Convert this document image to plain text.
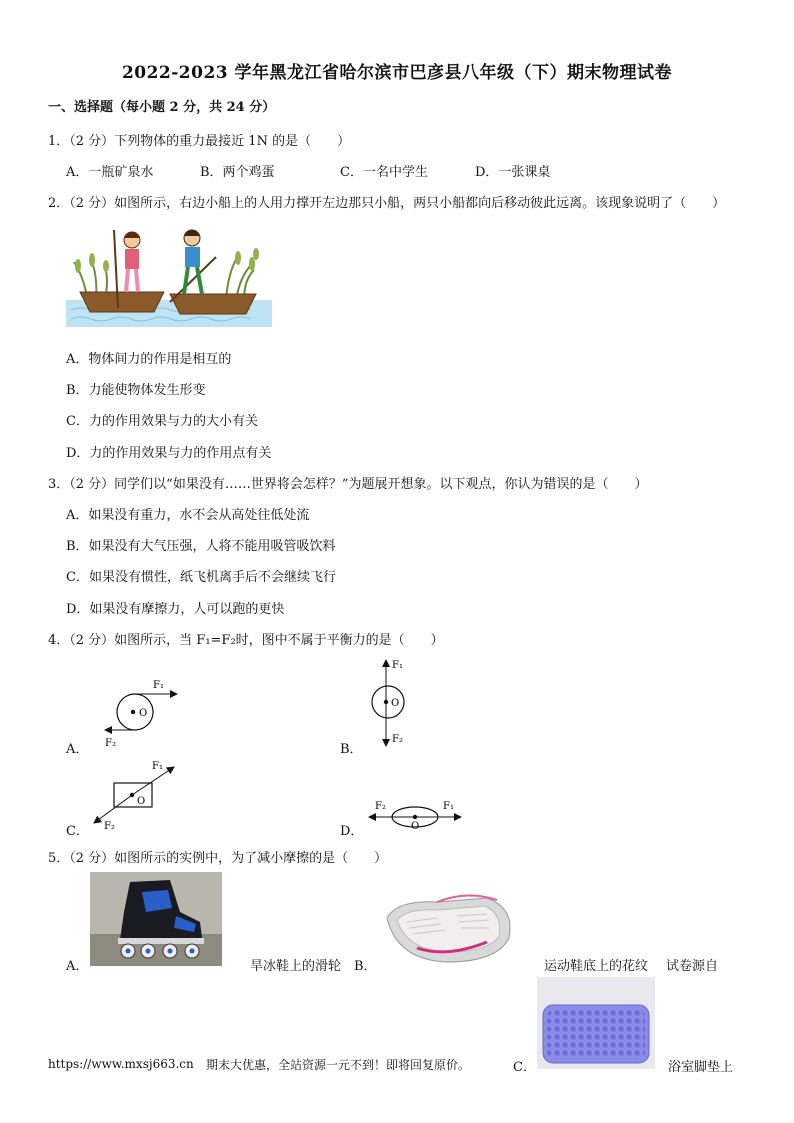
2022-2023 学年黑龙江省哈尔滨市巴彦县八年级（下）期末物理试卷
一、选择题（每小题 2 分，共 24 分）
1．（2 分）下列物体的重力最接近 1N 的是（　　）
A．一瓶矿泉水	B．两个鸡蛋	C．一名中学生	D．一张课桌
2．（2 分）如图所示，右边小船上的人用力撑开左边那只小船，两只小船都向后移动彼此远离。该现象说明了（　　）
A．物体间力的作用是相互的
B．力能使物体发生形变
C．力的作用效果与力的大小有关
D．力的作用效果与力的作用点有关
3．（2 分）同学们以“如果没有……世界将会怎样？”为题展开想象。以下观点，你认为错误的是（　　）
A．如果没有重力，水不会从高处往低处流
B．如果没有大气压强，人将不能用吸管吸饮料
C．如果没有惯性，纸飞机离手后不会继续飞行
D．如果没有摩擦力，人可以跑的更快
4．（2 分）如图所示，当 F₁=F₂时，图中不属于平衡力的是（　　）
A．
O
F₁
F₂	B．
O
F₁
F₂
C．
O
F₁
F₂	D．	O
F₁
F₂
5．（2 分）如图所示的实例中，为了减小摩擦的是（　　）
A．	旱冰鞋上的滑轮 B．	运动鞋底上的花纹 试卷源自
https://www.mxsj663.cn 期末大优惠，全站资源一元不到！即将回复原价。	C．	浴室脚垫上
